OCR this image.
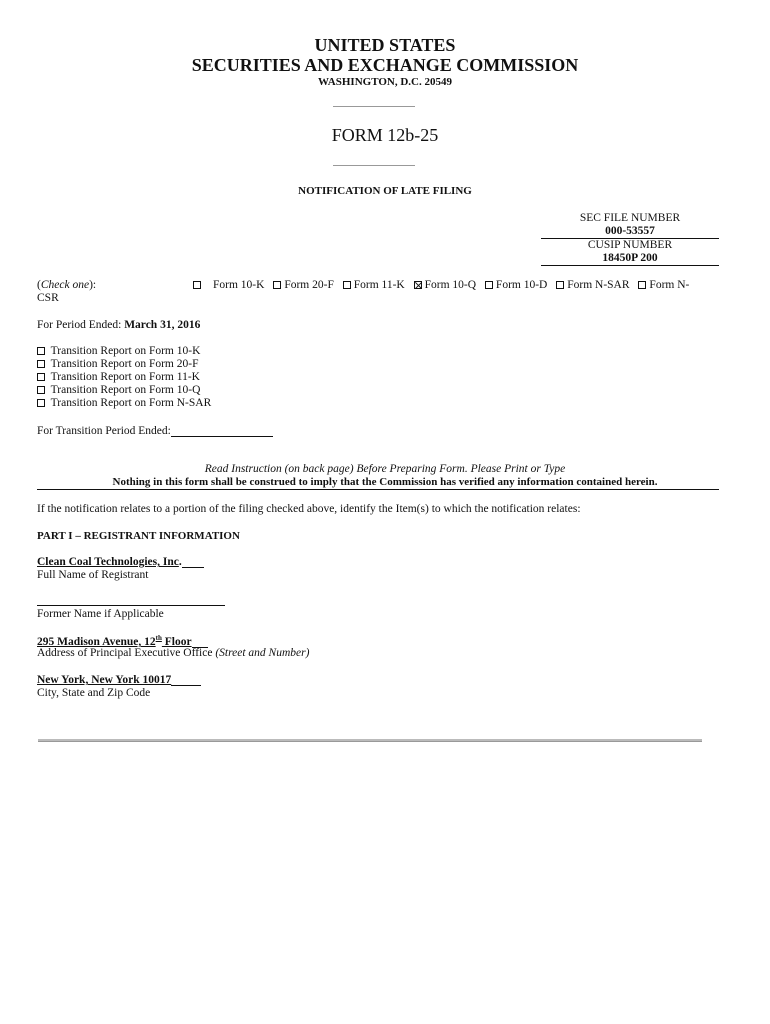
UNITED STATES
SECURITIES AND EXCHANGE COMMISSION
WASHINGTON, D.C. 20549
FORM 12b-25
NOTIFICATION OF LATE FILING
SEC FILE NUMBER
000-53557
CUSIP NUMBER
18450P 200
(Check one):	Form 10-K Form 20-F Form 11-K Form 10-Q Form 10-D Form N-SAR Form N-
CSR
For Period Ended: March 31, 2016
Transition Report on Form 10-K
Transition Report on Form 20-F
Transition Report on Form 11-K
Transition Report on Form 10-Q
Transition Report on Form N-SAR
For Transition Period Ended:
Read Instruction (on back page) Before Preparing Form. Please Print or Type
Nothing in this form shall be construed to imply that the Commission has verified any information contained herein.
If the notification relates to a portion of the filing checked above, identify the Item(s) to which the notification relates:
PART I – REGISTRANT INFORMATION
Clean Coal Technologies, Inc.
Full Name of Registrant
Former Name if Applicable
295 Madison Avenue, 12th Floor
Address of Principal Executive Office (Street and Number)
New York, New York 10017
City, State and Zip Code
